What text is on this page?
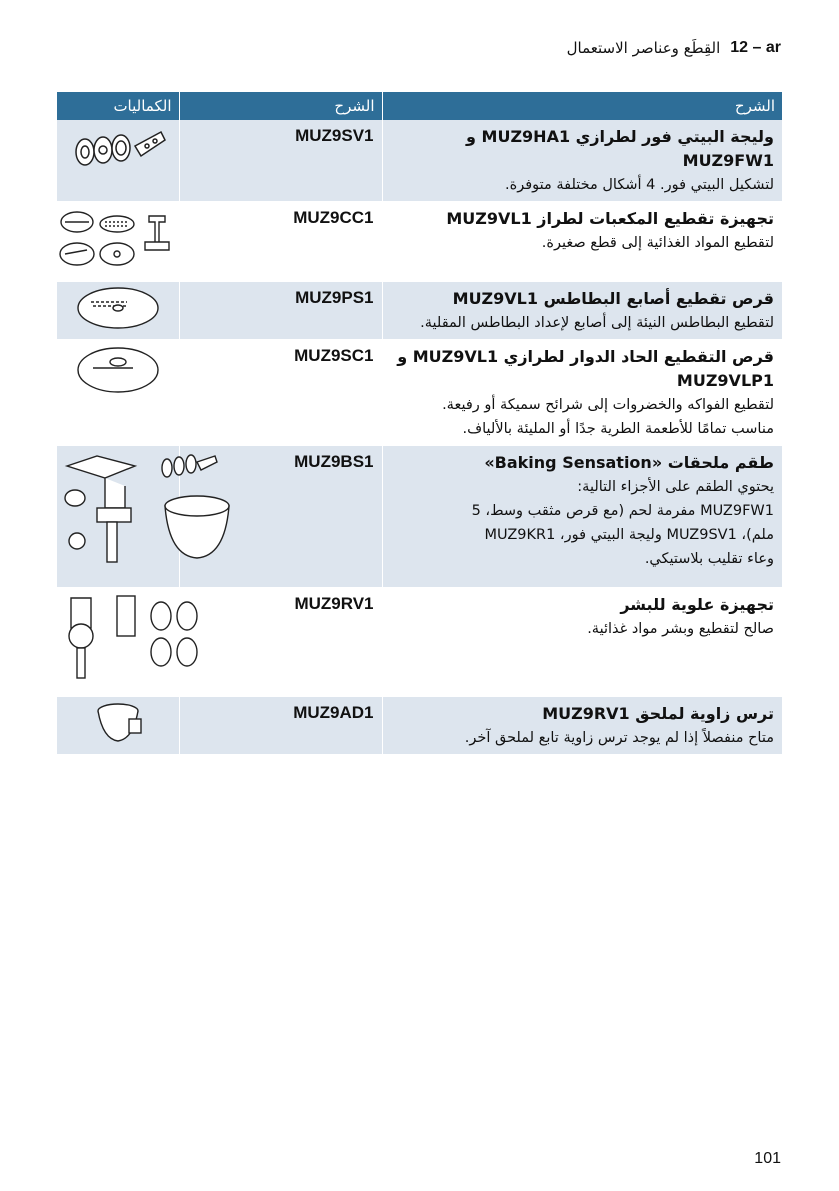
القِطَع وعناصر الاستعمال 12 – ar
الكماليات	الشرح	الشرح

	MUZ9SV1	وليجة البيتي فور لطرازي MUZ9HA1 و MUZ9FW1
لتشكيل البيتي فور. 4 أشكال مختلفة متوفرة.

	MUZ9CC1	تجهيزة تقطيع المكعبات لطراز MUZ9VL1
لتقطيع المواد الغذائية إلى قطع صغيرة.

	MUZ9PS1	قرص تقطيع أصابع البطاطس MUZ9VL1
لتقطيع البطاطس النيئة إلى أصابع لإعداد البطاطس المقلية.

	MUZ9SC1	قرص التقطيع الحاد الدوار لطرازي MUZ9VL1 و MUZ9VLP1
لتقطيع الفواكه والخضروات إلى شرائح سميكة أو رفيعة.
مناسب تمامًا للأطعمة الطرية جدًا أو المليئة بالألياف.

	MUZ9BS1	طقم ملحقات «Baking Sensation»
يحتوي الطقم على الأجزاء التالية:
MUZ9FW1 مفرمة لحم (مع قرص مثقب وسط، 5
ملم)، MUZ9SV1 وليجة البيتي فور، MUZ9KR1
وعاء تقليب بلاستيكي.

	MUZ9RV1	تجهيزة علوية للبشر
صالح لتقطيع وبشر مواد غذائية.

	MUZ9AD1	ترس زاوية لملحق MUZ9RV1
متاح منفصلاً إذا لم يوجد ترس زاوية تابع لملحق آخر.
101
